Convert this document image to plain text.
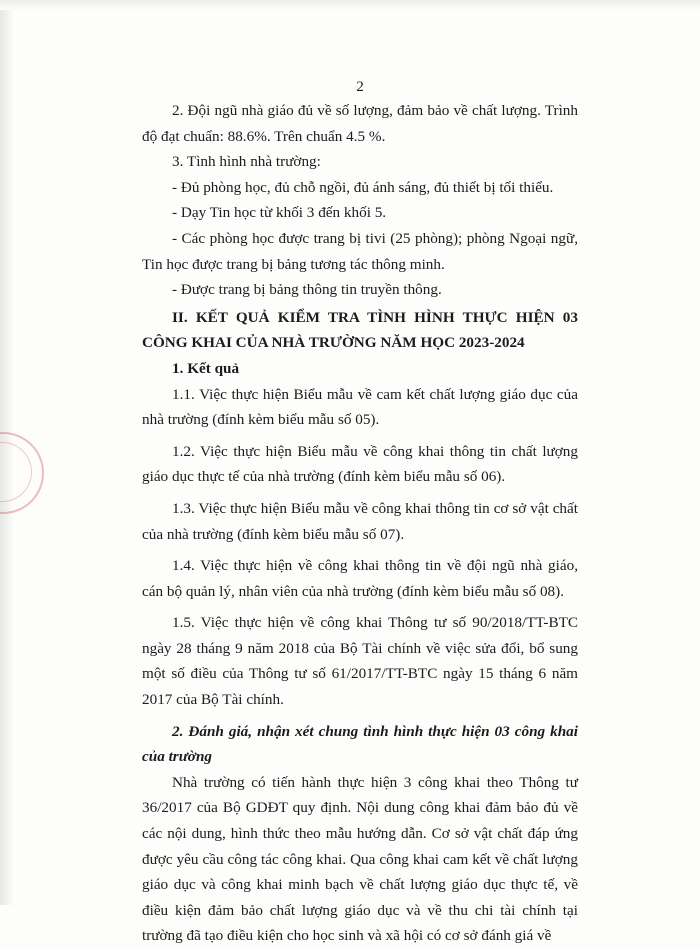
2

2. Đội ngũ nhà giáo đủ về số lượng, đảm bảo về chất lượng. Trình độ đạt chuẩn: 88.6%. Trên chuẩn 4.5 %.

3. Tình hình nhà trường:

- Đủ phòng học, đủ chỗ ngồi, đủ ánh sáng, đủ thiết bị tối thiểu.

- Dạy Tin học từ khối 3 đến khối 5.

- Các phòng học được trang bị tivi (25 phòng); phòng Ngoại ngữ, Tin học được trang bị bảng tương tác thông minh.

- Được trang bị bảng thông tin truyền thông.

II. KẾT QUẢ KIỂM TRA TÌNH HÌNH THỰC HIỆN 03 CÔNG KHAI CỦA NHÀ TRƯỜNG NĂM HỌC 2023-2024

1. Kết quả

1.1. Việc thực hiện Biểu mẫu về cam kết chất lượng giáo dục của nhà trường (đính kèm biểu mẫu số 05).

1.2. Việc thực hiện Biểu mẫu về công khai thông tin chất lượng giáo dục thực tế của nhà trường (đính kèm biểu mẫu số 06).

1.3. Việc thực hiện Biểu mẫu về công khai thông tin cơ sở vật chất của nhà trường (đính kèm biểu mẫu số 07).

1.4. Việc thực hiện về công khai thông tin về đội ngũ nhà giáo, cán bộ quản lý, nhân viên của nhà trường (đính kèm biểu mẫu số 08).

1.5. Việc thực hiện về công khai Thông tư số 90/2018/TT-BTC ngày 28 tháng 9 năm 2018 của Bộ Tài chính về việc sửa đổi, bổ sung một số điều của Thông tư số 61/2017/TT-BTC ngày 15 tháng 6 năm 2017 của Bộ Tài chính.

2. Đánh giá, nhận xét chung tình hình thực hiện 03 công khai của trường

Nhà trường có tiến hành thực hiện 3 công khai theo Thông tư 36/2017 của Bộ GDĐT quy định. Nội dung công khai đảm bảo đủ về các nội dung, hình thức theo mẫu hướng dẫn. Cơ sở vật chất đáp ứng được yêu cầu công tác công khai. Qua công khai cam kết về chất lượng giáo dục và công khai minh bạch về chất lượng giáo dục thực tế, về điều kiện đảm bảo chất lượng giáo dục và về thu chi tài chính tại trường đã tạo điều kiện cho học sinh và xã hội có cơ sở đánh giá về
